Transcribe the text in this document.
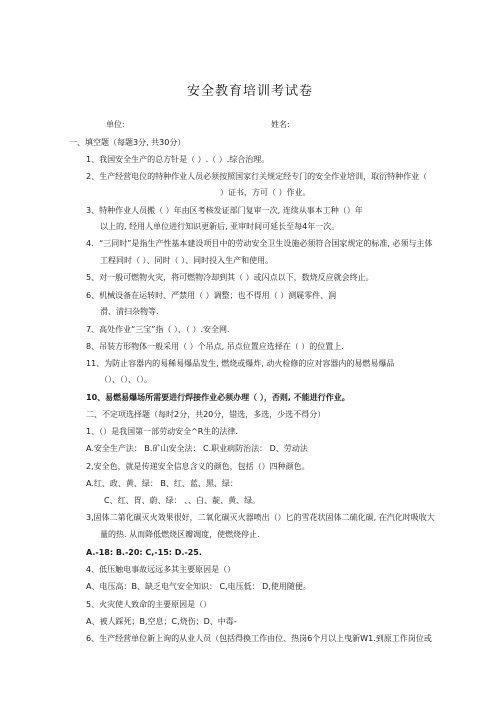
安全教育培训考试卷
单位:	姓名:
一、填空题（每题3分, 共30分）
1、我国安全生产的总方针是（ ）.（ ）.综合治理。
2、生产经营电位的特种作业人员必须按照国家行关规定经专门的安全作业培训，取衍特种作业（
）证书，方可（ ）作业。
3、特种作业人员搬（ ）年由区考核发证部门复审一次, 连续从事本工种（）年
以上的, 经用人单位进行知识更新后, 亚审时间可延长至每4年一次。
4．“三同时”是指生产性基本建设项目中的劳动安全卫生设施必须符合国家规定的标准, 必须与主体
工程同时（ ）、同时（ ）、同时投入生产和使用。
5、对一般可燃物火灾，将可燃物冷却到其（ ）或闪点以下，数烧反应就会终止。
6、机械设备在运转时、严禁用（ ）调整；也不得用（ ）测屣零件、润
滑、清扫杂物等.
7、高处作业“三宝”指（ ）、（ ）.安全网.
8、吊装方形物体一般采用（ ）个吊点, 吊点位置应选择在（ ）的位置上.
11、为防止容器内的易稀易爆品发生, 燃烧或爆炸, 动火检修的应对容器内的易燃易爆品
（）、（）、（）。
10、易燃易爆场所需要进行焊接作业必须办理（ ），否则, 不能进行作业。
二、不定项选择题（每时2分，共20分，错选，多选，少选不得分）
1、（）是我国第一部劳动安全^R生的法律.
A.安全生产法： B.矿山安全法： C.职业病防治法： D、劳动法
2,安全色，就是传递安全信息含义的颜色，包括（）四种颜色。
A.红、政、黄、绿： B、红、蓝、黑、绿：
C、红、胃、蔚、绿： 、、白、靛、黄、绿。
3,固体二第化碳灭火效果很好，二氧化碳灭火器喷出（）匕的雪花状固体二硫化碳, 在汽化时吸收大
量的热. 从而降低燃烧区瓣凋度，使燃烧停止.
A.-18: B.-20: C,-15: D.-25.
4、低压触电事故远远多其主要原因是（）
A、电压高：B、缺乏电气安全知识： C,电压低： D,使用随便。
5、火灾使人致命的主要原因是（）
A、被人踩死；B,空息；C,烧伤；D、中毒-
6、生产经营单位新上询的从业人员（包括得换工作由位、热岗6个月以上曳新W1.到原工作岗位或
